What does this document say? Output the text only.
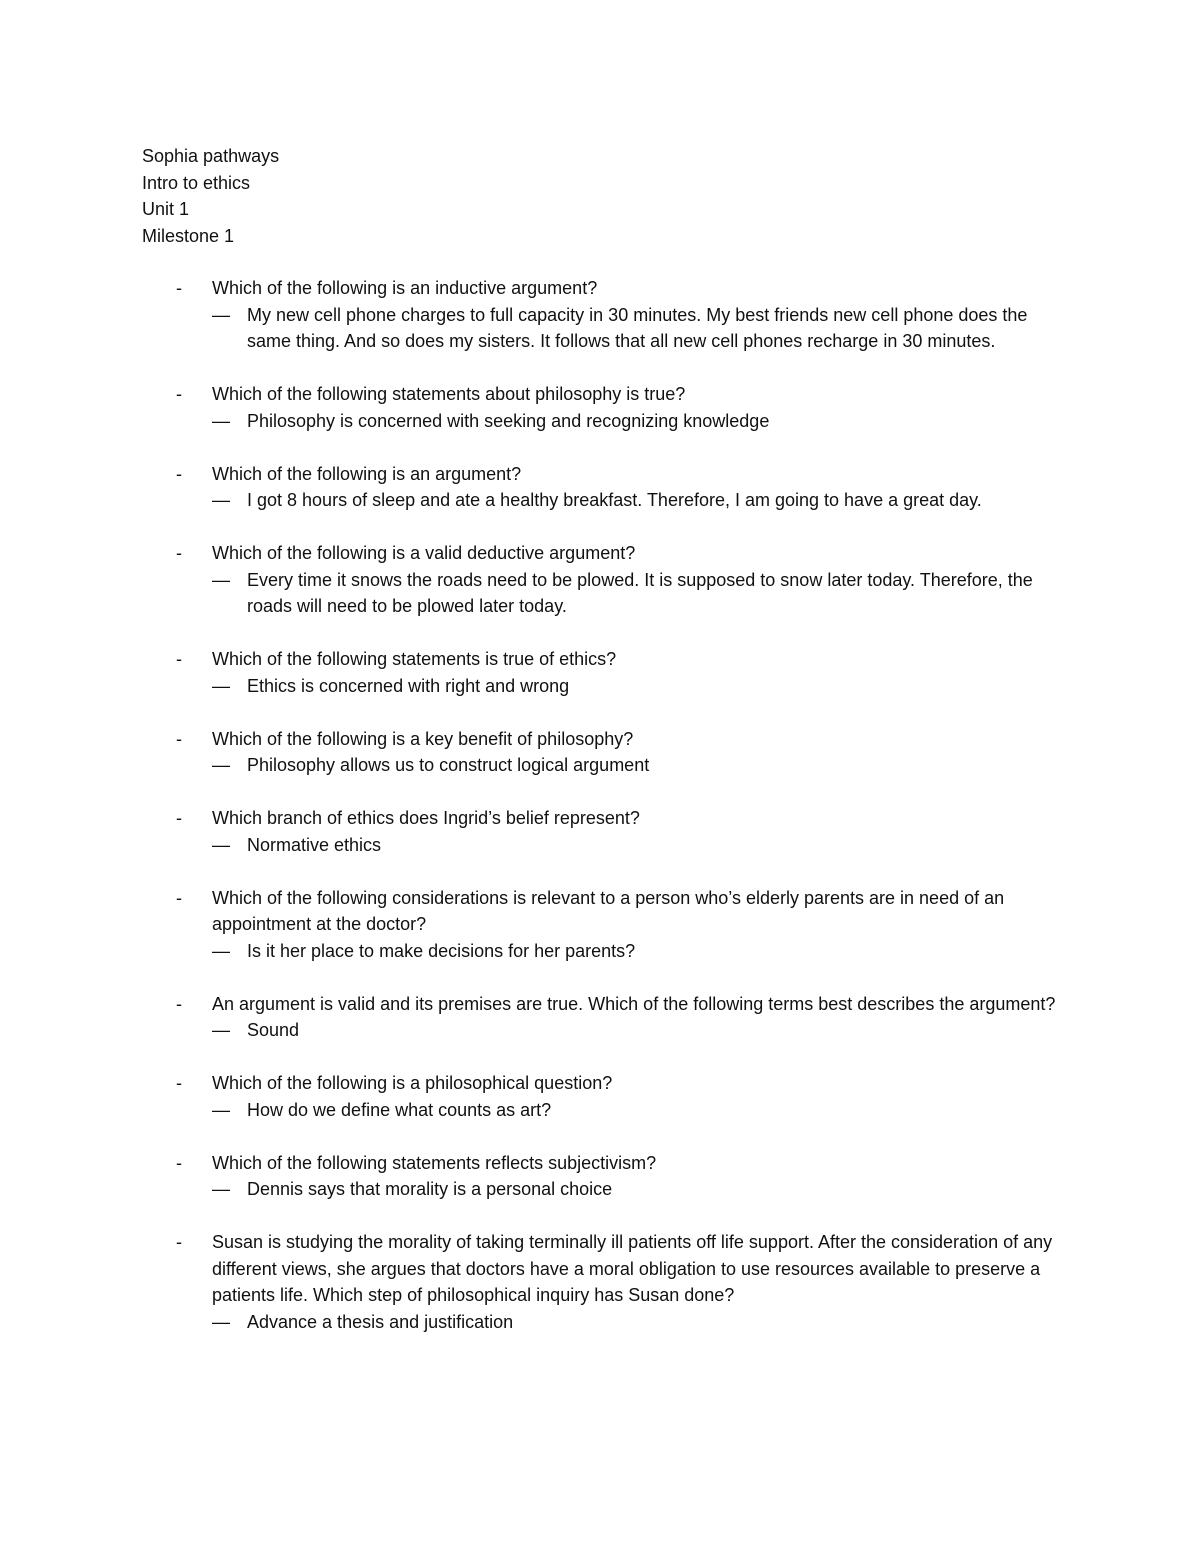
Sophia pathways
Intro to ethics
Unit 1
Milestone 1
- Which of the following is an inductive argument?
— My new cell phone charges to full capacity in 30 minutes. My best friends new cell phone does the same thing. And so does my sisters. It follows that all new cell phones recharge in 30 minutes.
- Which of the following statements about philosophy is true?
— Philosophy is concerned with seeking and recognizing knowledge
- Which of the following is an argument?
— I got 8 hours of sleep and ate a healthy breakfast. Therefore, I am going to have a great day.
- Which of the following is a valid deductive argument?
— Every time it snows the roads need to be plowed. It is supposed to snow later today. Therefore, the roads will need to be plowed later today.
- Which of the following statements is true of ethics?
— Ethics is concerned with right and wrong
- Which of the following is a key benefit of philosophy?
— Philosophy allows us to construct logical argument
- Which branch of ethics does Ingrid’s belief represent?
— Normative ethics
- Which of the following considerations is relevant to a person who’s elderly parents are in need of an appointment at the doctor?
— Is it her place to make decisions for her parents?
- An argument is valid and its premises are true. Which of the following terms best describes the argument?
— Sound
- Which of the following is a philosophical question?
— How do we define what counts as art?
- Which of the following statements reflects subjectivism?
— Dennis says that morality is a personal choice
- Susan is studying the morality of taking terminally ill patients off life support. After the consideration of any different views, she argues that doctors have a moral obligation to use resources available to preserve a patients life. Which step of philosophical inquiry has Susan done?
— Advance a thesis and justification
